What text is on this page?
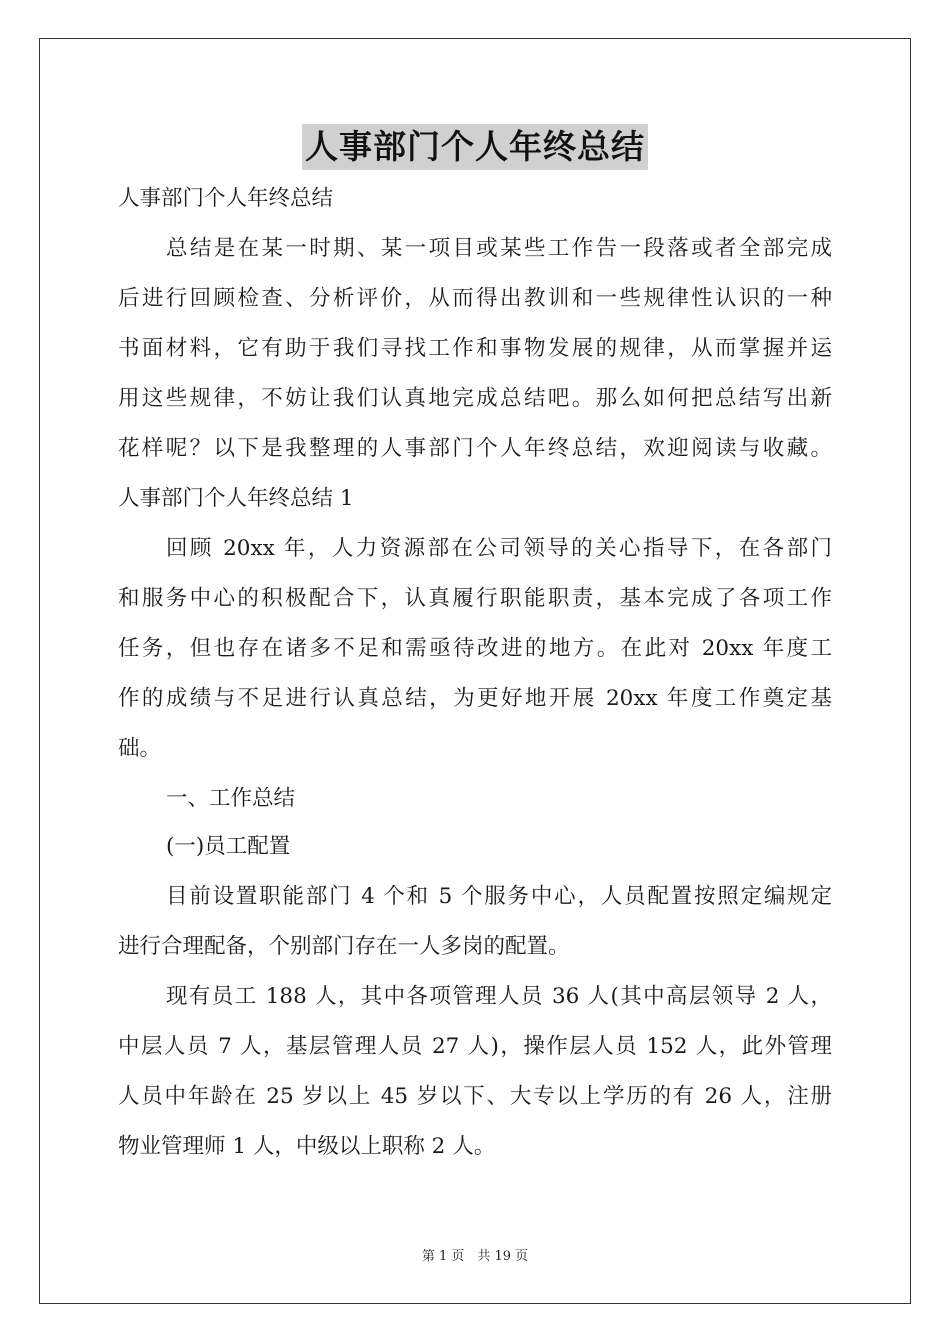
人事部门个人年终总结
人事部门个人年终总结
总结是在某一时期、某一项目或某些工作告一段落或者全部完成
后进行回顾检查、分析评价，从而得出教训和一些规律性认识的一种
书面材料，它有助于我们寻找工作和事物发展的规律，从而掌握并运
用这些规律，不妨让我们认真地完成总结吧。那么如何把总结写出新
花样呢？以下是我整理的人事部门个人年终总结，欢迎阅读与收藏。
人事部门个人年终总结 1
回顾 20xx 年，人力资源部在公司领导的关心指导下，在各部门
和服务中心的积极配合下，认真履行职能职责，基本完成了各项工作
任务，但也存在诸多不足和需亟待改进的地方。在此对 20xx 年度工
作的成绩与不足进行认真总结，为更好地开展 20xx 年度工作奠定基
础。
一、工作总结
(一)员工配置
目前设置职能部门 4 个和 5 个服务中心，人员配置按照定编规定
进行合理配备，个别部门存在一人多岗的配置。
现有员工 188 人，其中各项管理人员 36 人(其中高层领导 2 人，
中层人员 7 人，基层管理人员 27 人)，操作层人员 152 人，此外管理
人员中年龄在 25 岁以上 45 岁以下、大专以上学历的有 26 人，注册
物业管理师 1 人，中级以上职称 2 人。
第 1 页　共 19 页
